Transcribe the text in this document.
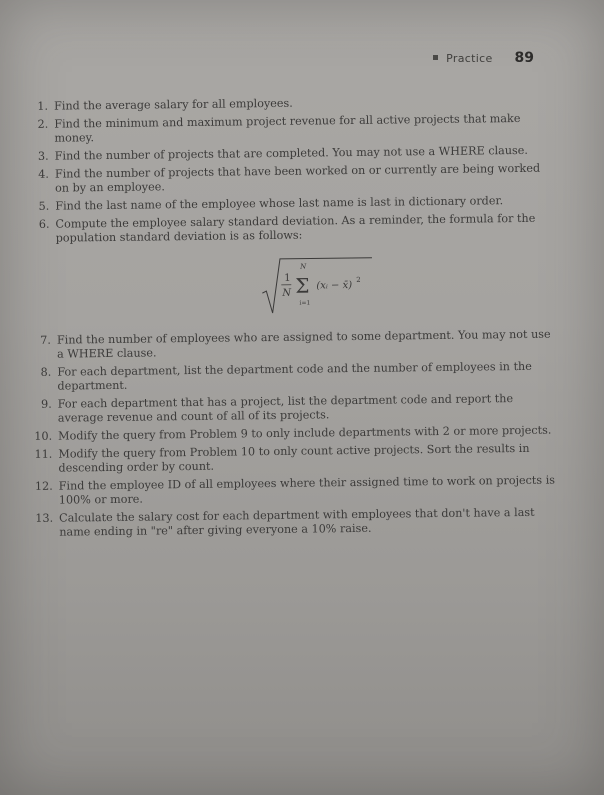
Practice 89
1. Find the average salary for all employees.
2. Find the minimum and maximum project revenue for all active projects that make money.
3. Find the number of projects that are completed. You may not use a WHERE clause.
4. Find the number of projects that have been worked on or currently are being worked on by an employee.
5. Find the last name of the employee whose last name is last in dictionary order.
6. Compute the employee salary standard deviation. As a reminder, the formula for the population standard deviation is as follows:
1
N
N
Σ
i=1
(xᵢ − x̄)
2
7. Find the number of employees who are assigned to some department. You may not use a WHERE clause.
8. For each department, list the department code and the number of employees in the department.
9. For each department that has a project, list the department code and report the average revenue and count of all of its projects.
10. Modify the query from Problem 9 to only include departments with 2 or more projects.
11. Modify the query from Problem 10 to only count active projects. Sort the results in descending order by count.
12. Find the employee ID of all employees where their assigned time to work on projects is 100% or more.
13. Calculate the salary cost for each department with employees that don't have a last name ending in "re" after giving everyone a 10% raise.
